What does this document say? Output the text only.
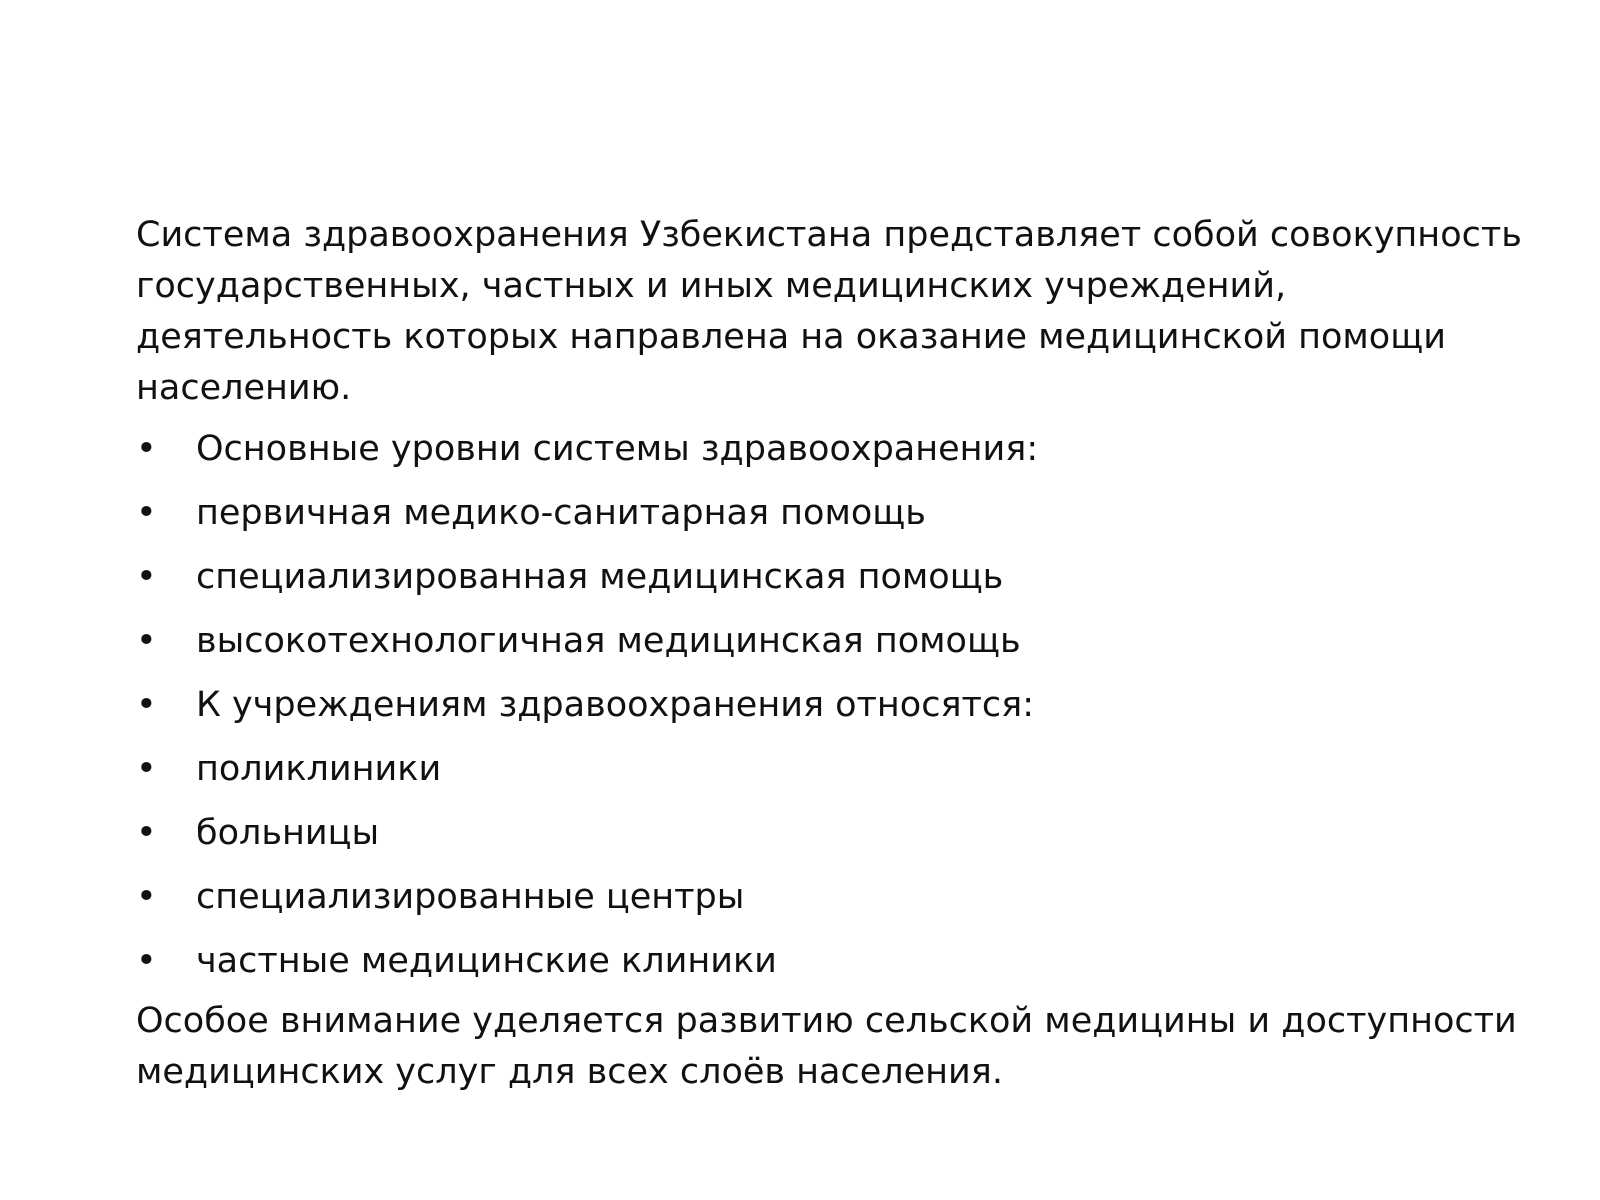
Система здравоохранения Узбекистана представляет собой совокупность государственных, частных и иных медицинских учреждений, деятельность которых направлена на оказание медицинской помощи населению.

• Основные уровни системы здравоохранения:
• первичная медико-санитарная помощь
• специализированная медицинская помощь
• высокотехнологичная медицинская помощь
• К учреждениям здравоохранения относятся:
• поликлиники
• больницы
• специализированные центры
• частные медицинские клиники

Особое внимание уделяется развитию сельской медицины и доступности медицинских услуг для всех слоёв населения.
